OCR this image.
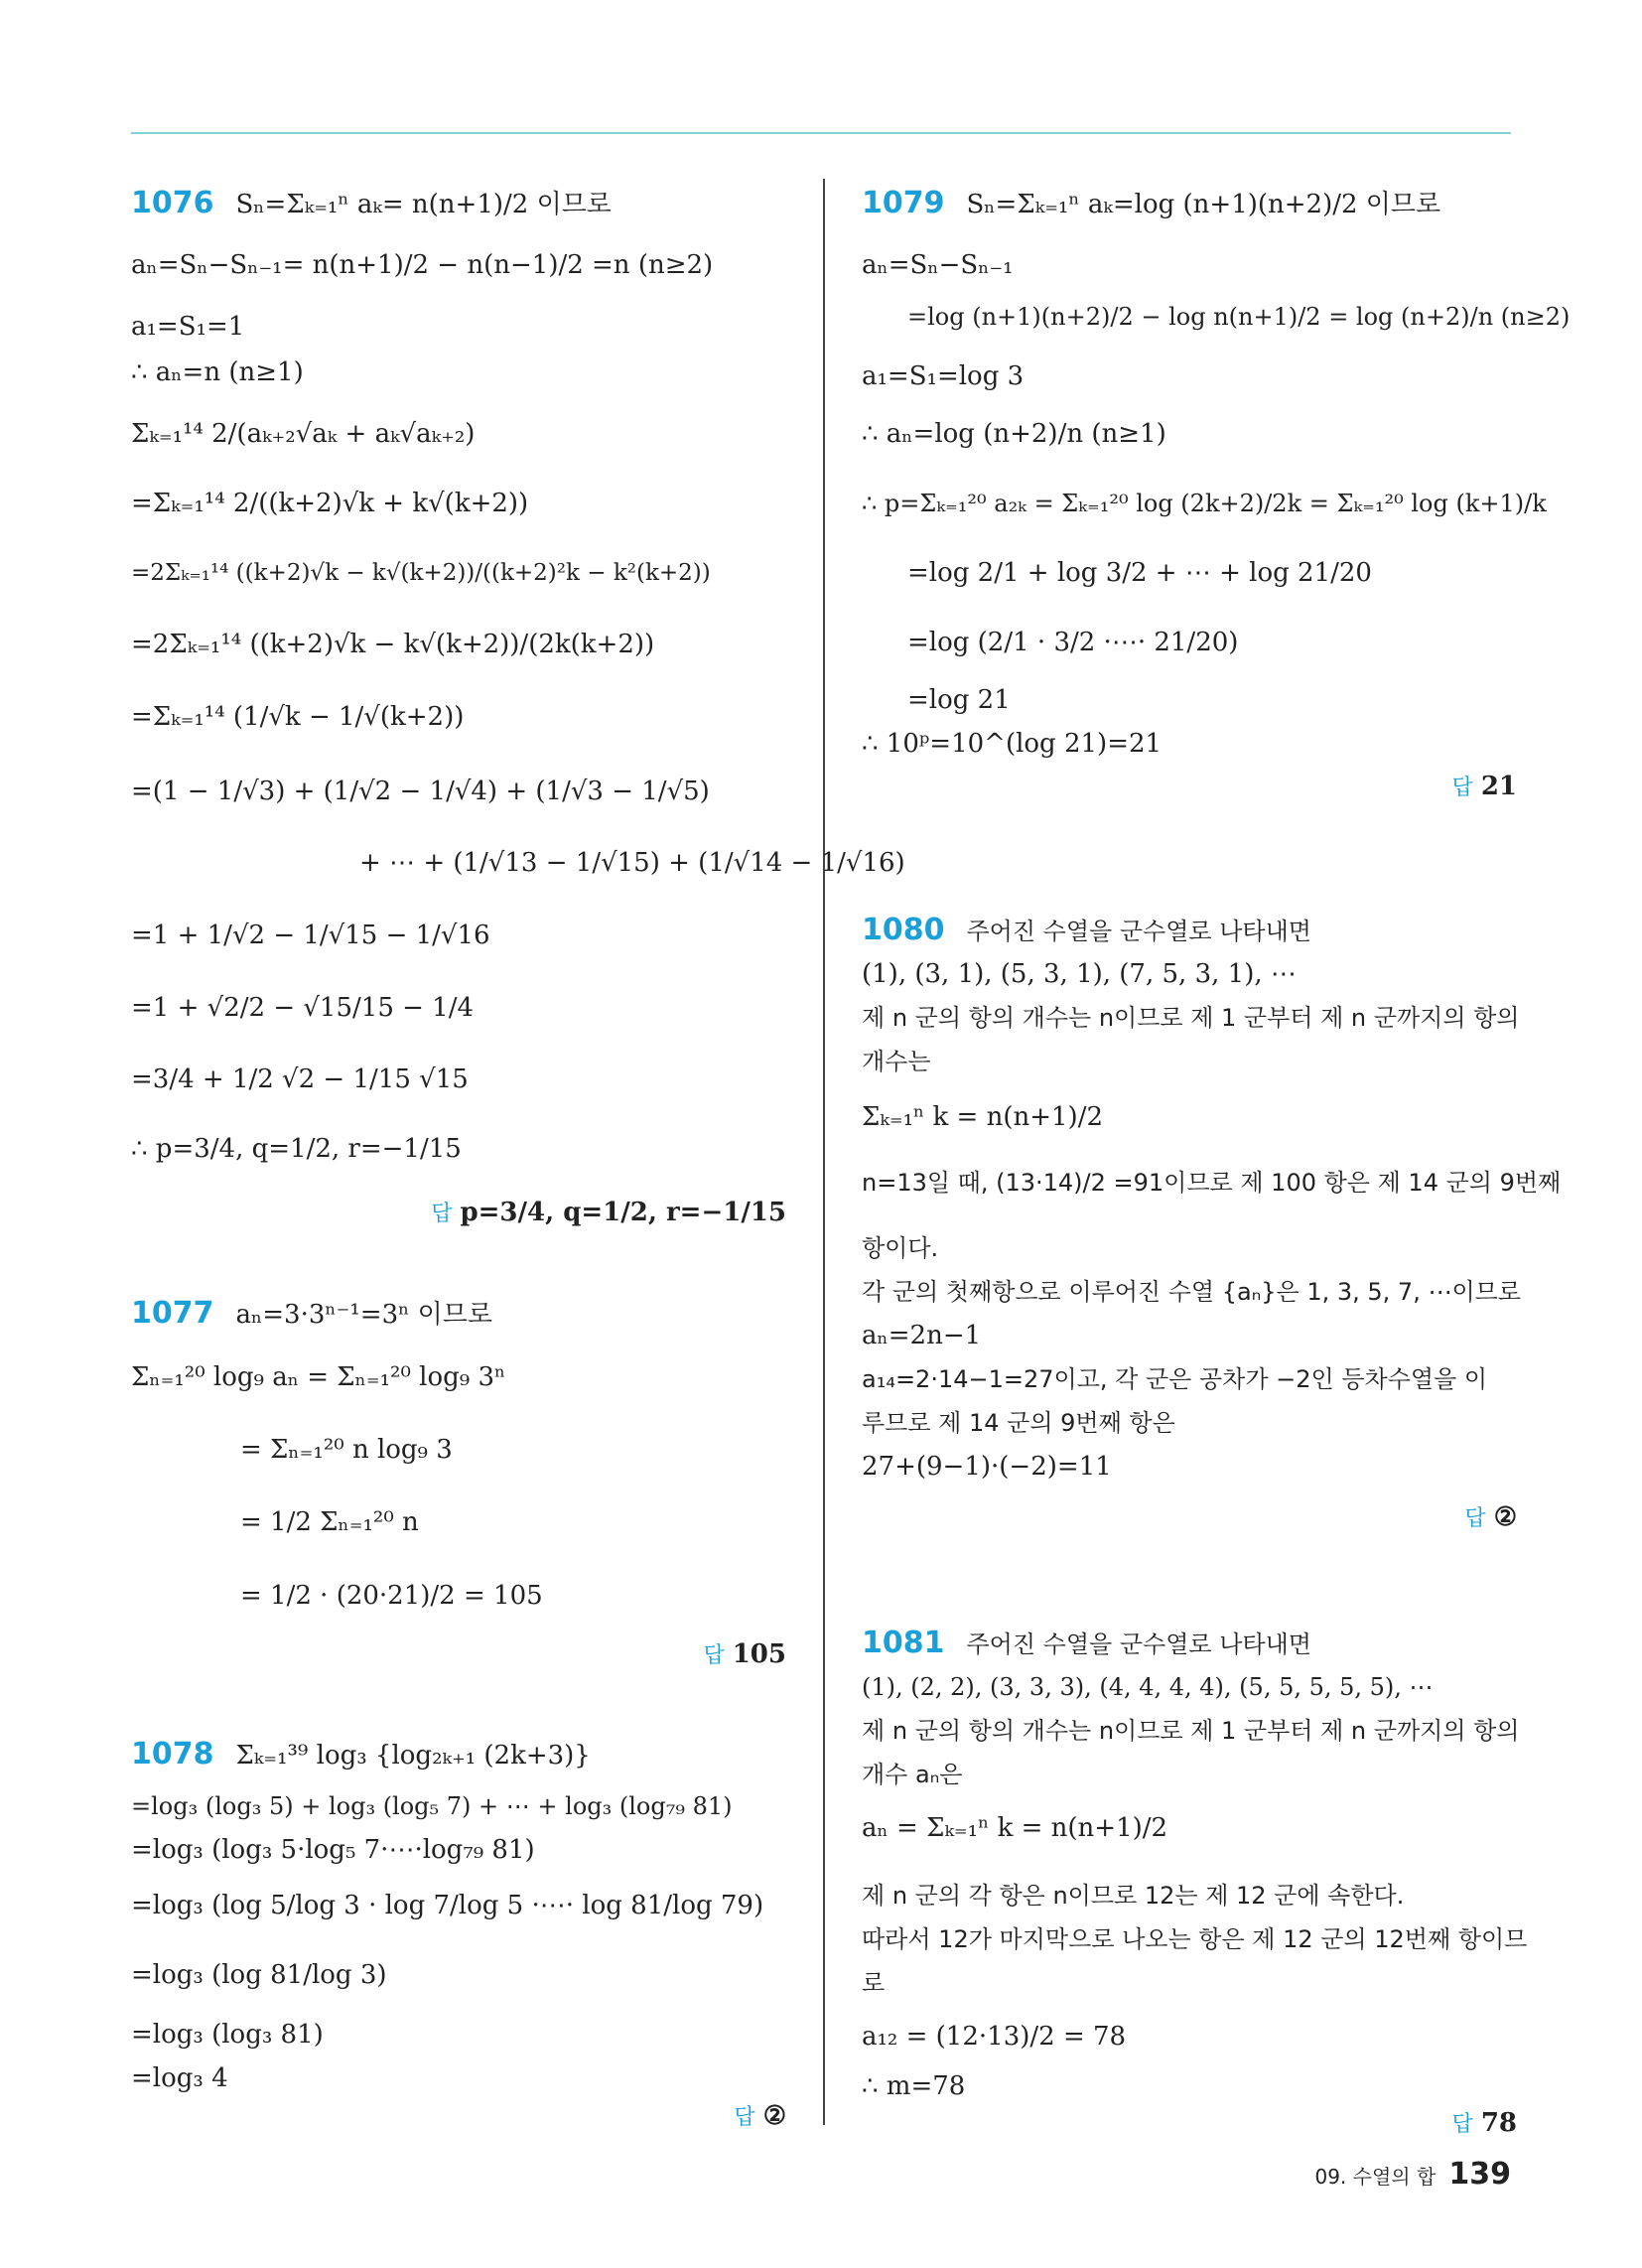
1076 Sₙ=Σₖ₌₁ⁿ aₖ= n(n+1)/2 이므로
aₙ=Sₙ−Sₙ₋₁= n(n+1)/2 − n(n−1)/2 =n (n≥2)
a₁=S₁=1
∴ aₙ=n (n≥1)
Σₖ₌₁¹⁴ 2/(aₖ₊₂√aₖ + aₖ√aₖ₊₂)
=Σₖ₌₁¹⁴ 2/((k+2)√k + k√(k+2))
=2Σₖ₌₁¹⁴ ((k+2)√k − k√(k+2))/((k+2)²k − k²(k+2))
=2Σₖ₌₁¹⁴ ((k+2)√k − k√(k+2))/(2k(k+2))
=Σₖ₌₁¹⁴ (1/√k − 1/√(k+2))
=(1 − 1/√3) + (1/√2 − 1/√4) + (1/√3 − 1/√5)
+ ⋯ + (1/√13 − 1/√15) + (1/√14 − 1/√16)
=1 + 1/√2 − 1/√15 − 1/√16
=1 + √2/2 − √15/15 − 1/4
=3/4 + 1/2 √2 − 1/15 √15
∴ p=3/4, q=1/2, r=−1/15
답 p=3/4, q=1/2, r=−1/15
1077 aₙ=3·3ⁿ⁻¹=3ⁿ 이므로
Σₙ₌₁²⁰ log₉ aₙ = Σₙ₌₁²⁰ log₉ 3ⁿ
= Σₙ₌₁²⁰ n log₉ 3
= 1/2 Σₙ₌₁²⁰ n
= 1/2 · (20·21)/2 = 105
답 105
1078 Σₖ₌₁³⁹ log₃ {log₂ₖ₊₁ (2k+3)}
=log₃ (log₃ 5) + log₃ (log₅ 7) + ⋯ + log₃ (log₇₉ 81)
=log₃ (log₃ 5·log₅ 7·⋯·log₇₉ 81)
=log₃ (log 5/log 3 · log 7/log 5 ·⋯· log 81/log 79)
=log₃ (log 81/log 3)
=log₃ (log₃ 81)
=log₃ 4
답 ②
1079 Sₙ=Σₖ₌₁ⁿ aₖ=log (n+1)(n+2)/2 이므로
aₙ=Sₙ−Sₙ₋₁
=log (n+1)(n+2)/2 − log n(n+1)/2 = log (n+2)/n (n≥2)
a₁=S₁=log 3
∴ aₙ=log (n+2)/n (n≥1)
∴ p=Σₖ₌₁²⁰ a₂ₖ = Σₖ₌₁²⁰ log (2k+2)/2k = Σₖ₌₁²⁰ log (k+1)/k
=log 2/1 + log 3/2 + ⋯ + log 21/20
=log (2/1 · 3/2 ·⋯· 21/20)
=log 21
∴ 10ᵖ=10^(log 21)=21
답 21
1080 주어진 수열을 군수열로 나타내면
(1), (3, 1), (5, 3, 1), (7, 5, 3, 1), ⋯
제 n 군의 항의 개수는 n이므로 제 1 군부터 제 n 군까지의 항의
개수는
Σₖ₌₁ⁿ k = n(n+1)/2
n=13일 때, (13·14)/2 =91이므로 제 100 항은 제 14 군의 9번째
항이다.
각 군의 첫째항으로 이루어진 수열 {aₙ}은 1, 3, 5, 7, ⋯이므로
aₙ=2n−1
a₁₄=2·14−1=27이고, 각 군은 공차가 −2인 등차수열을 이
루므로 제 14 군의 9번째 항은
27+(9−1)·(−2)=11
답 ②
1081 주어진 수열을 군수열로 나타내면
(1), (2, 2), (3, 3, 3), (4, 4, 4, 4), (5, 5, 5, 5, 5), ⋯
제 n 군의 항의 개수는 n이므로 제 1 군부터 제 n 군까지의 항의
개수 aₙ은
aₙ = Σₖ₌₁ⁿ k = n(n+1)/2
제 n 군의 각 항은 n이므로 12는 제 12 군에 속한다.
따라서 12가 마지막으로 나오는 항은 제 12 군의 12번째 항이므
로
a₁₂ = (12·13)/2 = 78
∴ m=78
답 78
09. 수열의 합 139
